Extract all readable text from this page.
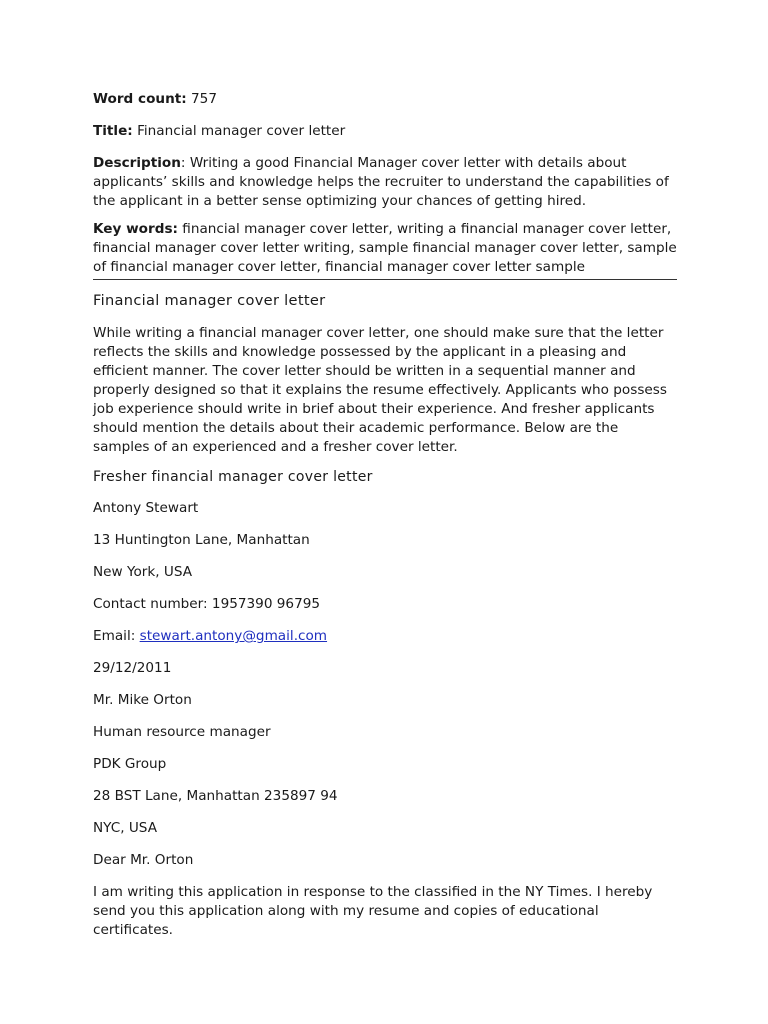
Word count: 757

Title: Financial manager cover letter

Description: Writing a good Financial Manager cover letter with details about applicants’ skills and knowledge helps the recruiter to understand the capabilities of the applicant in a better sense optimizing your chances of getting hired.

Key words: financial manager cover letter, writing a financial manager cover letter, financial manager cover letter writing, sample financial manager cover letter, sample of financial manager cover letter, financial manager cover letter sample

Financial manager cover letter

While writing a financial manager cover letter, one should make sure that the letter reflects the skills and knowledge possessed by the applicant in a pleasing and efficient manner. The cover letter should be written in a sequential manner and properly designed so that it explains the resume effectively. Applicants who possess job experience should write in brief about their experience. And fresher applicants should mention the details about their academic performance. Below are the samples of an experienced and a fresher cover letter.

Fresher financial manager cover letter

Antony Stewart

13 Huntington Lane, Manhattan

New York, USA

Contact number: 1957390 96795

Email: stewart.antony@gmail.com

29/12/2011

Mr. Mike Orton

Human resource manager

PDK Group

28 BST Lane, Manhattan 235897 94

NYC, USA

Dear Mr. Orton

I am writing this application in response to the classified in the NY Times. I hereby send you this application along with my resume and copies of educational certificates.
